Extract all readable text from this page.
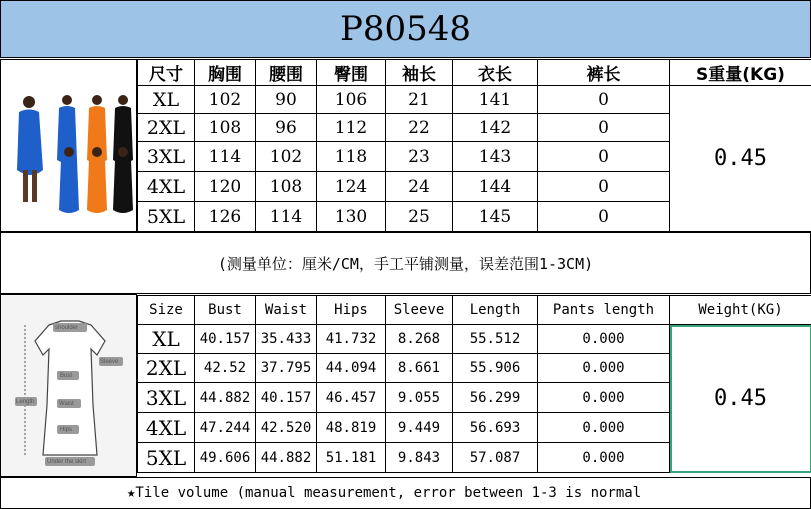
P80548
尺寸	胸围	腰围	臀围	袖长	衣长	裤长	S重量(KG)
XL	102	90	106	21	141	0	0.45
2XL	108	96	112	22	142	0	
3XL	114	102	118	23	143	0	
4XL	120	108	124	24	144	0	
5XL	126	114	130	25	145	0	
(测量单位：厘米/CM，手工平铺测量，误差范围1-3CM)
shoulder
Bust
Waist
Hips
Length
Sleeve
Under the skirt
Size	Bust	Waist	Hips	Sleeve	Length	Pants length	Weight(KG)
XL	40.157	35.433	41.732	8.268	55.512	0.000	0.45
2XL	42.52	37.795	44.094	8.661	55.906	0.000	
3XL	44.882	40.157	46.457	9.055	56.299	0.000	
4XL	47.244	42.520	48.819	9.449	56.693	0.000	
5XL	49.606	44.882	51.181	9.843	57.087	0.000	
★Tile volume (manual measurement, error between 1-3 is normal
